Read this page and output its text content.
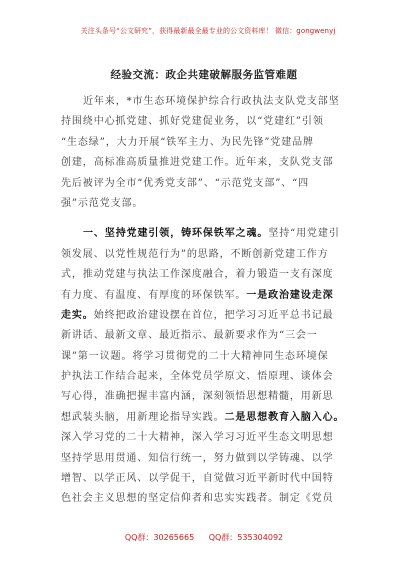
关注头条号“公文研究”，获得最新最全最专业的公文资料库！ 微信：gongwenyj
经验交流：政企共建破解服务监管难题
近年来，*市生态环境保护综合行政执法支队党支部坚
持围绕中心抓党建、抓好党建促业务，以“党建红”引领
“生态绿”，大力开展“铁军主力、为民先锋”党建品牌
创建，高标准高质量推进党建工作。近年来，支队党支部
先后被评为全市“优秀党支部”、“示范党支部”、“四
强”示范党支部。
一、坚持党建引领，铸环保铁军之魂。坚持“用党建引
领发展、以党性规范行为”的思路，不断创新党建工作方
式，推动党建与执法工作深度融合，着力锻造一支有深度
有力度、有温度、有厚度的环保铁军。一是政治建设走深
走实。始终把政治建设摆在首位，把学习习近平总书记最
新讲话、最新文章、最近指示、最新要求作为“三会一
课”第一议题。将学习贯彻党的二十大精神同生态环境保
护执法工作结合起来，全体党员学原文、悟原理、谈体会
写心得，准确把握丰富内涵，深刻领悟思想精髓，用新思
想武装头脑，用新理论指导实践。二是思想教育入脑入心。
深入学习党的二十大精神，深入学习习近平生态文明思想
坚持学思用贯通、知信行统一，努力做到以学铸魂、以学
增智、以学正风、以学促干，自觉做习近平新时代中国特
色社会主义思想的坚定信仰者和忠实实践者。制定《党员
QQ群：30265665 QQ群：535304092
